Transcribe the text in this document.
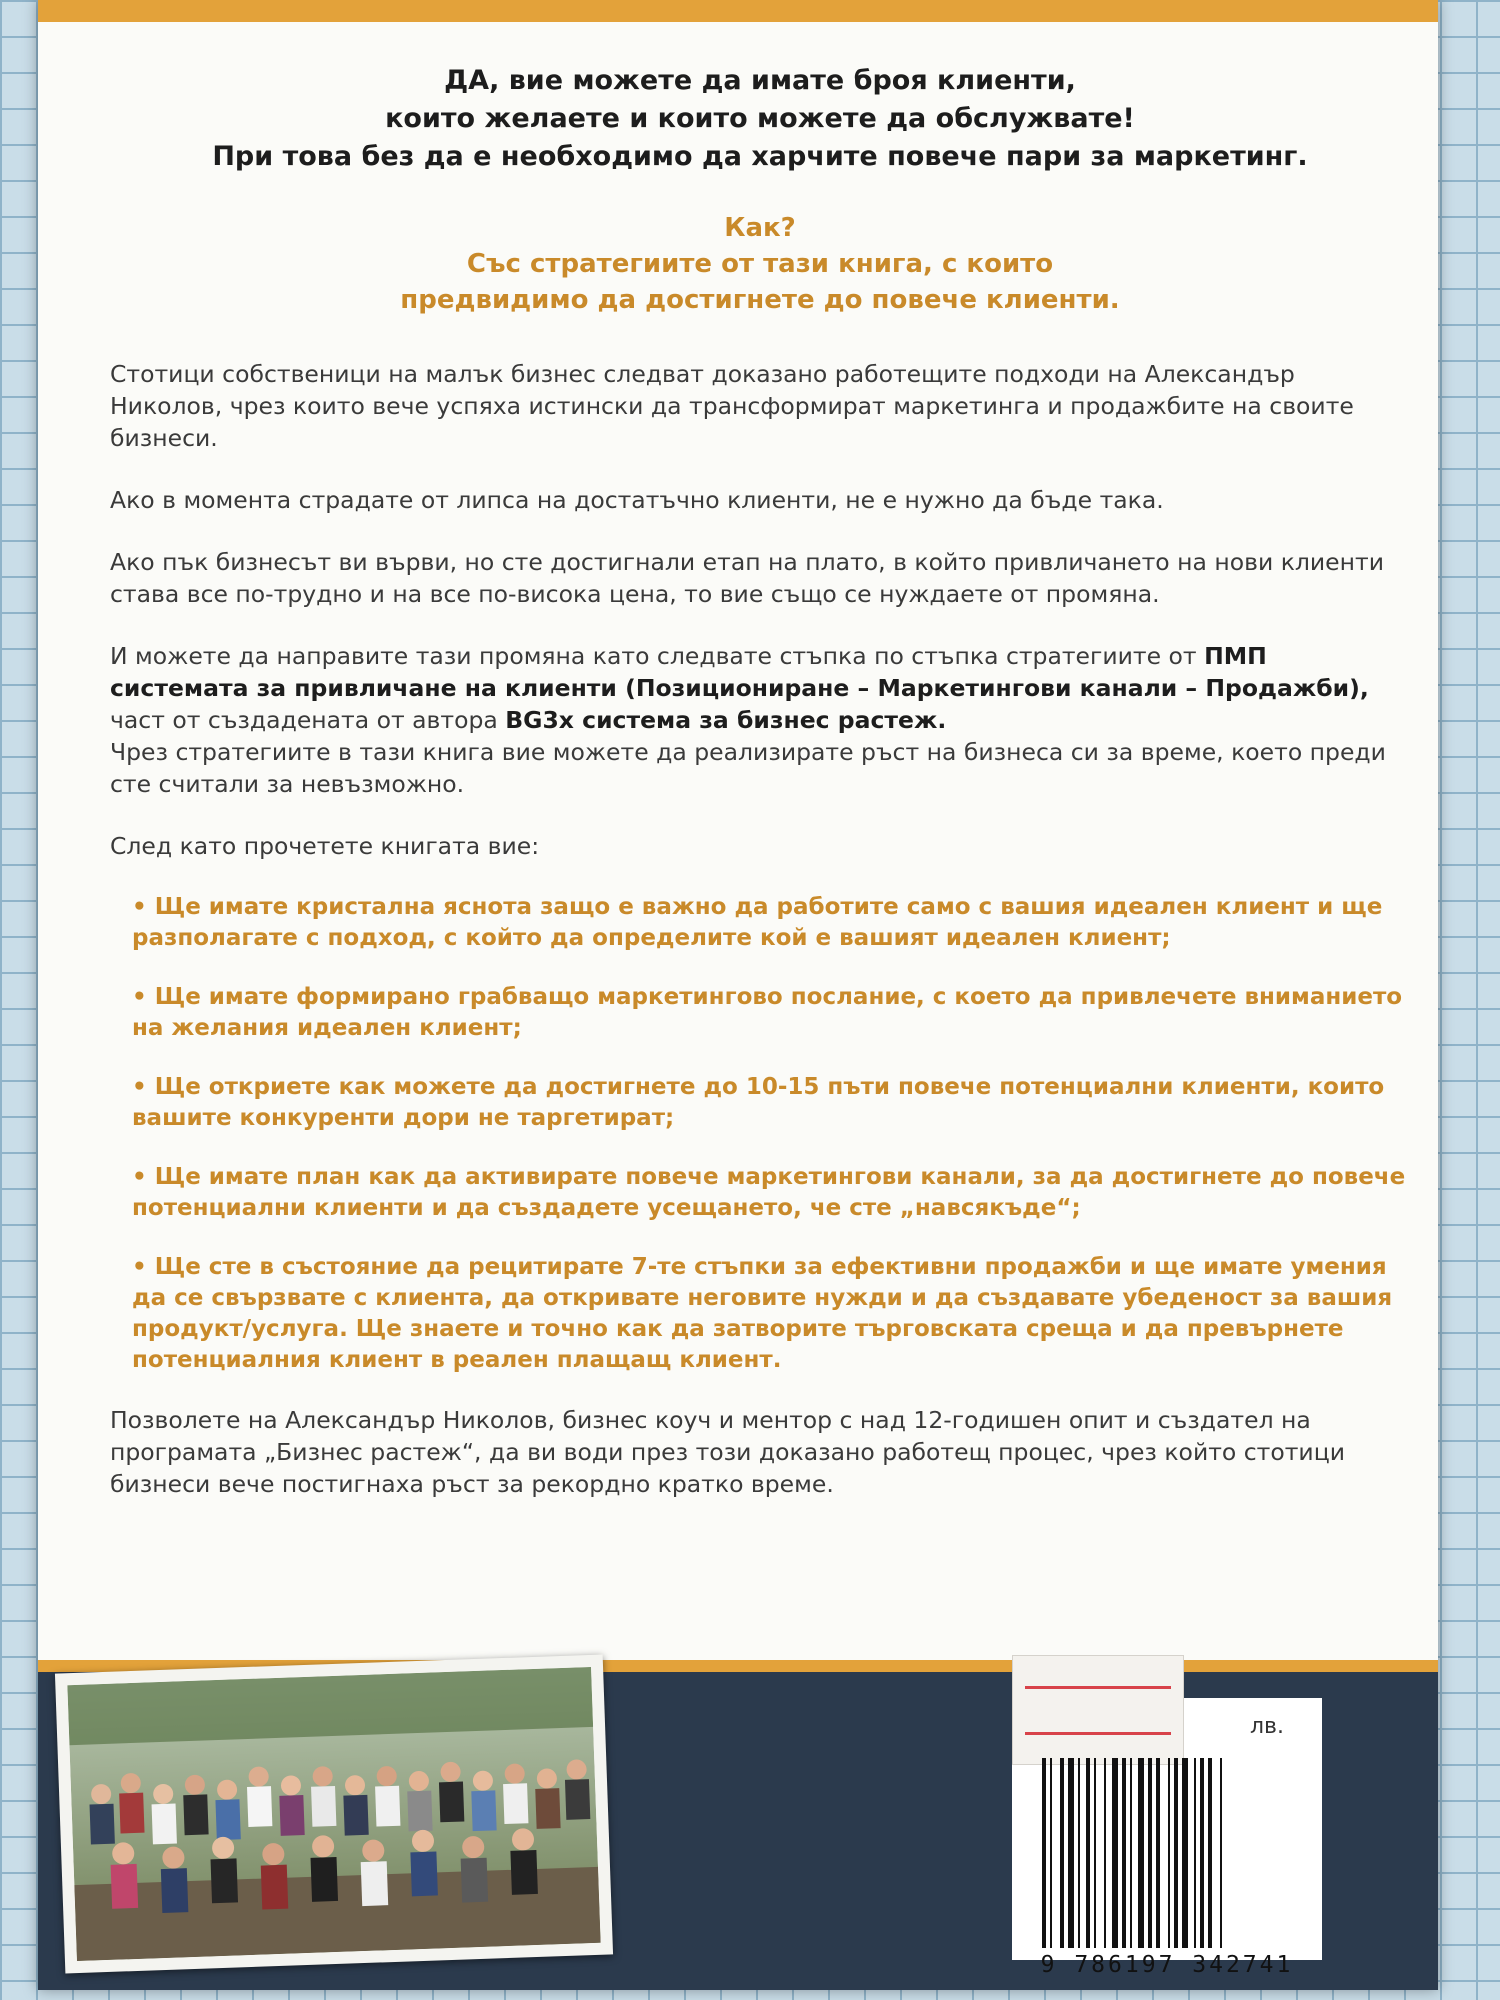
ДА, вие можете да имате броя клиенти,
които желаете и които можете да обслужвате!
При това без да е необходимо да харчите повече пари за маркетинг.
Как?
Със стратегиите от тази книга, с които
предвидимо да достигнете до повече клиенти.

Стотици собственици на малък бизнес следват доказано работещите подходи на Александър Николов, чрез които вече успяха истински да трансформират маркетинга и продажбите на своите бизнеси.

Ако в момента страдате от липса на достатъчно клиенти, не е нужно да бъде така.

Ако пък бизнесът ви върви, но сте достигнали етап на плато, в който привличането на нови клиенти става все по-трудно и на все по-висока цена, то вие също се нуждаете от промяна.

И можете да направите тази промяна като следвате стъпка по стъпка стратегиите от ПМП системата за привличане на клиенти (Позициониране – Маркетингови канали – Продажби), част от създадената от автора BG3x система за бизнес растеж.
Чрез стратегиите в тази книга вие можете да реализирате ръст на бизнеса си за време, което преди сте считали за невъзможно.

След като прочетете книгата вие:

• Ще имате кристална яснота защо е важно да работите само с вашия идеален клиент и ще разполагате с подход, с който да определите кой е вашият идеален клиент;
• Ще имате формирано грабващо маркетингово послание, с което да привлечете вниманието на желания идеален клиент;
• Ще откриете как можете да достигнете до 10-15 пъти повече потенциални клиенти, които вашите конкуренти дори не таргетират;
• Ще имате план как да активирате повече маркетингови канали, за да достигнете до повече потенциални клиенти и да създадете усещането, че сте „навсякъде“;
• Ще сте в състояние да рецитирате 7-те стъпки за ефективни продажби и ще имате умения да се свързвате с клиента, да откривате неговите нужди и да създавате убеденост за вашия продукт/услуга. Ще знаете и точно как да затворите търговската среща и да превърнете потенциалния клиент в реален плащащ клиент.

Позволете на Александър Николов, бизнес коуч и ментор с над 12-годишен опит и създател на програмата „Бизнес растеж“, да ви води през този доказано работещ процес, чрез който стотици бизнеси вече постигнаха ръст за рекордно кратко време.

лв.
9 786197 342741
